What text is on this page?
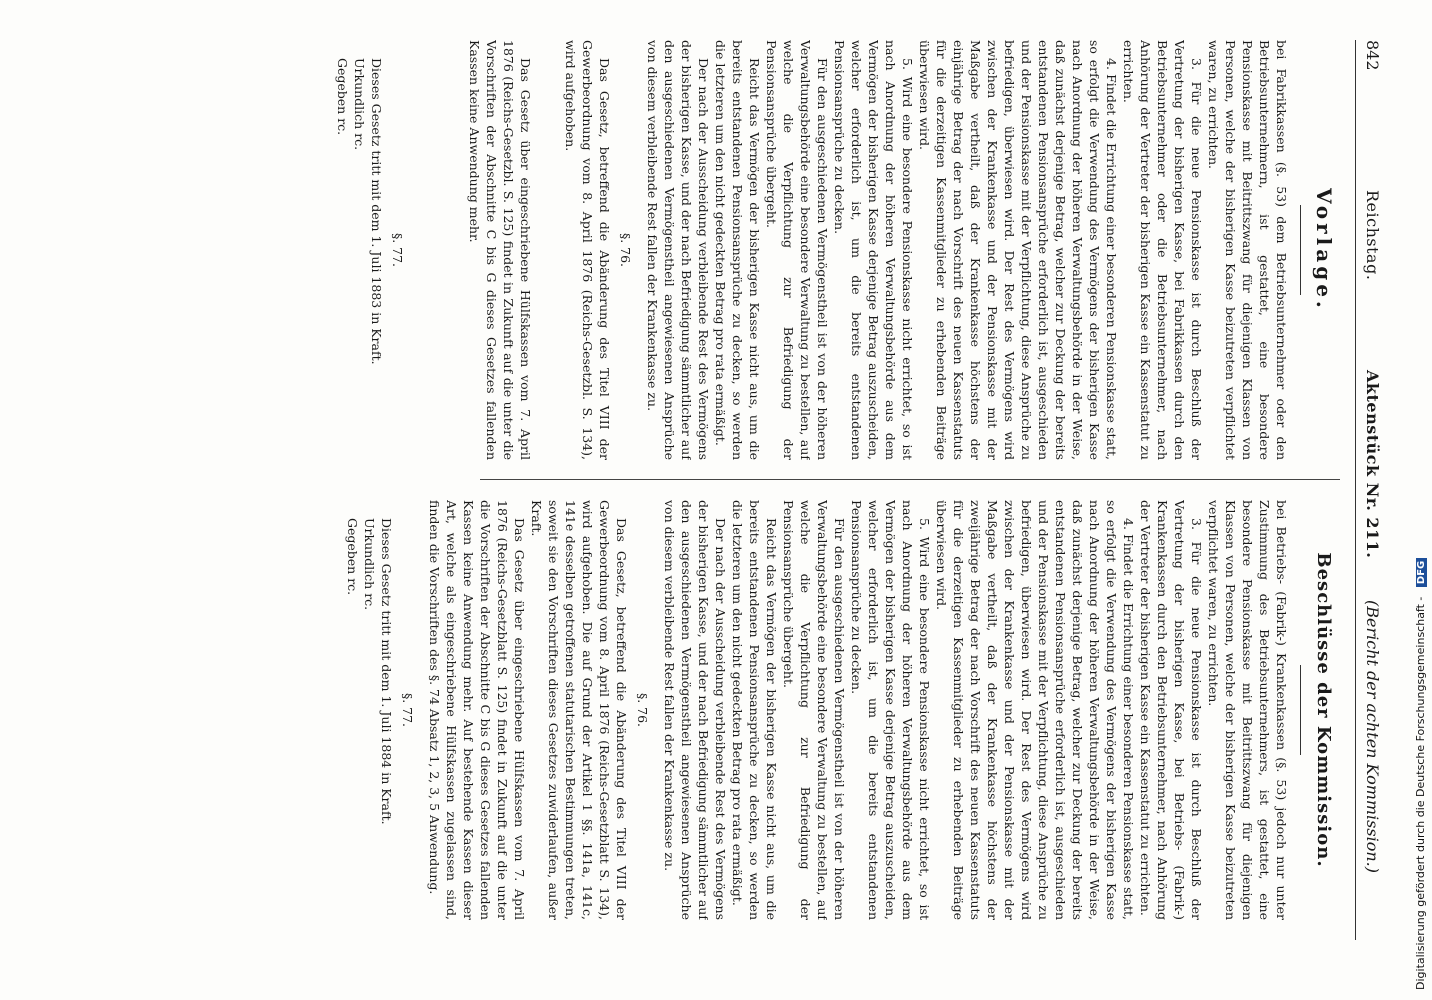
842
Reichstag.
Aktenstück Nr. 211.
(Bericht der achten Kommission.)
Vorlage.

bei Fabrikkassen (§. 53) dem Betriebsunternehmer oder den Betriebsunternehmern, ist gestattet, eine besondere Pensionskasse mit Beitrittszwang für diejenigen Klassen von Personen, welche der bisherigen Kasse beizutreten verpflichtet waren, zu errichten.

3. Für die neue Pensionskasse ist durch Beschluß der Vertretung der bisherigen Kasse, bei Fabrikkassen durch den Betriebsunternehmer oder die Betriebsunternehmer, nach Anhörung der Vertreter der bisherigen Kasse ein Kassenstatut zu errichten.

4. Findet die Errichtung einer besonderen Pensionskasse statt, so erfolgt die Verwendung des Vermögens der bisherigen Kasse nach Anordnung der höheren Verwaltungsbehörde in der Weise, daß zunächst derjenige Betrag, welcher zur Deckung der bereits entstandenen Pensionsansprüche erforderlich ist, ausgeschieden und der Pensionskasse mit der Verpflichtung, diese Ansprüche zu befriedigen, überwiesen wird. Der Rest des Vermögens wird zwischen der Krankenkasse und der Pensionskasse mit der Maßgabe vertheilt, daß der Krankenkasse höchstens der einjährige Betrag der nach Vorschrift des neuen Kassenstatuts für die derzeitigen Kassenmitglieder zu erhebenden Beiträge überwiesen wird.

5. Wird eine besondere Pensionskasse nicht errichtet, so ist nach Anordnung der höheren Verwaltungsbehörde aus dem Vermögen der bisherigen Kasse derjenige Betrag auszuscheiden, welcher erforderlich ist, um die bereits entstandenen Pensionsansprüche zu decken.

Für den ausgeschiedenen Vermögenstheil ist von der höheren Verwaltungsbehörde eine besondere Verwaltung zu bestellen, auf welche die Verpflichtung zur Befriedigung der Pensionsansprüche übergeht.

Reicht das Vermögen der bisherigen Kasse nicht aus, um die bereits entstandenen Pensionsansprüche zu decken, so werden die letzteren um den nicht gedeckten Betrag pro rata ermäßigt.

Der nach der Ausscheidung verbleibende Rest des Vermögens der bisherigen Kasse, und der nach Befriedigung sämmtlicher auf den ausgeschiedenen Vermögenstheil angewiesenen Ansprüche von diesem verbleibende Rest fallen der Krankenkasse zu.

§. 76.

Das Gesetz, betreffend die Abänderung des Titel VIII der Gewerbeordnung vom 8. April 1876 (Reichs-Gesetzbl. S. 134), wird aufgehoben.

Das Gesetz über eingeschriebene Hülfskassen vom 7. April 1876 (Reichs-Gesetzbl. S. 125) findet in Zukunft auf die unter die Vorschriften der Abschnitte C bis G dieses Gesetzes fallenden Kassen keine Anwendung mehr.

§. 77.

Dieses Gesetz tritt mit dem 1. Juli 1883 in Kraft.

Urkundlich rc.

Gegeben rc.

Beschlüsse der Kommission.

bei Betriebs- (Fabrik-) Krankenkassen (§. 53) jedoch nur unter Zustimmung des Betriebsunternehmers, ist gestattet, eine besondere Pensionskasse mit Beitrittszwang für diejenigen Klassen von Personen, welche der bisherigen Kasse beizutreten verpflichtet waren, zu errichten.

3. Für die neue Pensionskasse ist durch Beschluß der Vertretung der bisherigen Kasse, bei Betriebs- (Fabrik-) Krankenkassen durch den Betriebsunternehmer, nach Anhörung der Vertreter der bisherigen Kasse ein Kassenstatut zu errichten.

4. Findet die Errichtung einer besonderen Pensionskasse statt, so erfolgt die Verwendung des Vermögens der bisherigen Kasse nach Anordnung der höheren Verwaltungsbehörde in der Weise, daß zunächst derjenige Betrag, welcher zur Deckung der bereits entstandenen Pensionsansprüche erforderlich ist, ausgeschieden und der Pensionskasse mit der Verpflichtung, diese Ansprüche zu befriedigen, überwiesen wird. Der Rest des Vermögens wird zwischen der Krankenkasse und der Pensionskasse mit der Maßgabe vertheilt, daß der Krankenkasse höchstens der zweijährige Betrag der nach Vorschrift des neuen Kassenstatuts für die derzeitigen Kassenmitglieder zu erhebenden Beiträge überwiesen wird.

5. Wird eine besondere Pensionskasse nicht errichtet, so ist nach Anordnung der höheren Verwaltungsbehörde aus dem Vermögen der bisherigen Kasse derjenige Betrag auszuscheiden, welcher erforderlich ist, um die bereits entstandenen Pensionsansprüche zu decken.

Für den ausgeschiedenen Vermögenstheil ist von der höheren Verwaltungsbehörde eine besondere Verwaltung zu bestellen, auf welche die Verpflichtung zur Befriedigung der Pensionsansprüche übergeht.

Reicht das Vermögen der bisherigen Kasse nicht aus, um die bereits entstandenen Pensionsansprüche zu decken, so werden die letzteren um den nicht gedeckten Betrag pro rata ermäßigt.

Der nach der Ausscheidung verbleibende Rest des Vermögens der bisherigen Kasse, und der nach Befriedigung sämmtlicher auf den ausgeschiedenen Vermögenstheil angewiesenen Ansprüche von diesem verbleibende Rest fallen der Krankenkasse zu.

§. 76.

Das Gesetz, betreffend die Abänderung des Titel VIII der Gewerbeordnung vom 8. April 1876 (Reichs-Gesetzblatt S. 134), wird aufgehoben. Die auf Grund der Artikel 1 §§. 141a, 141c, 141e desselben getroffenen statutarischen Bestimmungen treten, soweit sie den Vorschriften dieses Gesetzes zuwiderlaufen, außer Kraft.

Das Gesetz über eingeschriebene Hülfskassen vom 7. April 1876 (Reichs-Gesetzblatt S. 125) findet in Zukunft auf die unter die Vorschriften der Abschnitte C bis G dieses Gesetzes fallenden Kassen keine Anwendung mehr. Auf bestehende Kassen dieser Art, welche als eingeschriebene Hülfskassen zugelassen sind, finden die Vorschriften des §. 74 Absatz 1, 2, 3, 5 Anwendung.

§. 77.

Dieses Gesetz tritt mit dem 1. Juli 1884 in Kraft.

Urkundlich rc.

Gegeben rc.

Digitalisierung gefördert durch die Deutsche Forschungsgemeinschaft - DFG
